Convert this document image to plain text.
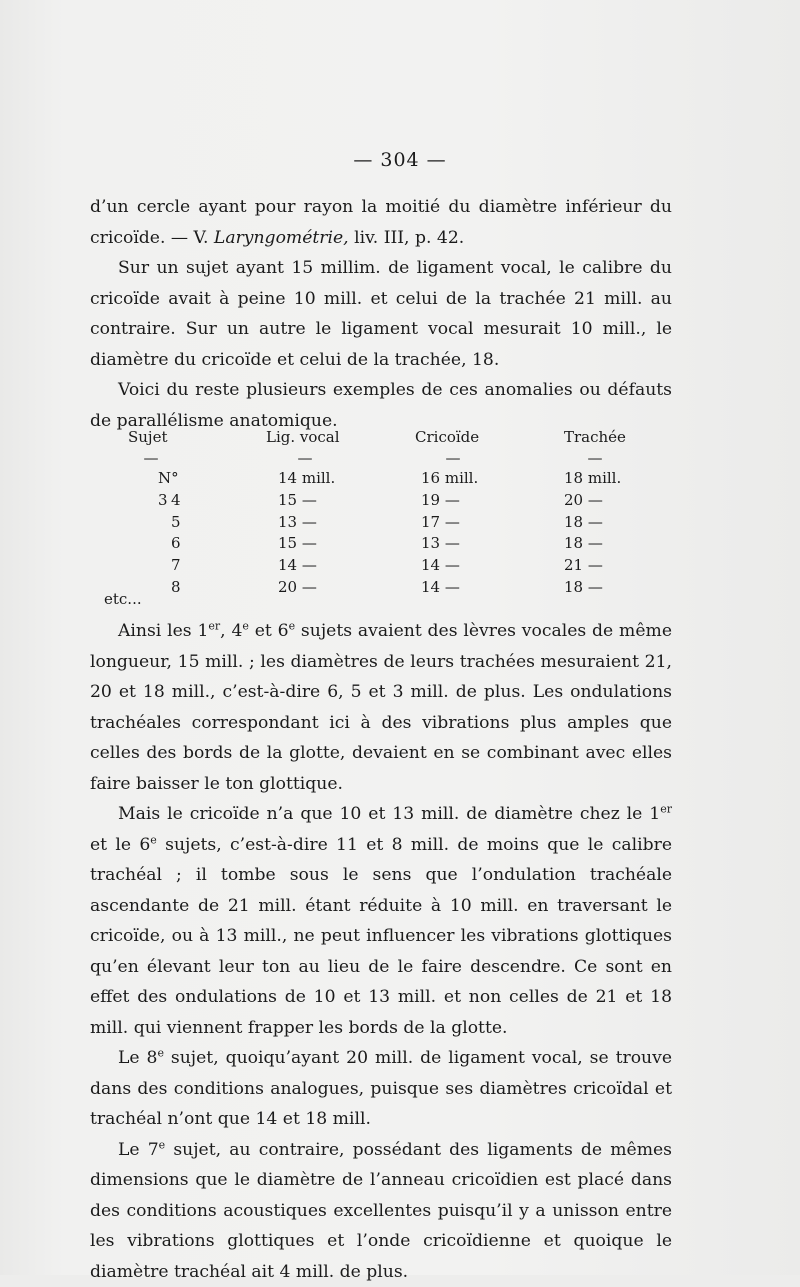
— 304 —

d’un cercle ayant pour rayon la moitié du diamètre inférieur du cricoïde. — V. Laryngométrie, liv. III, p. 42.

Sur un sujet ayant 15 millim. de ligament vocal, le calibre du cricoïde avait à peine 10 mill. et celui de la trachée 21 mill. au contraire. Sur un autre le ligament vocal mesurait 10 mill., le diamètre du cricoïde et celui de la trachée, 18.

Voici du reste plusieurs exemples de ces anomalies ou défauts de parallélisme anatomique.

Sujet
—
N° 3 4
5
6
7
8
Lig. vocal
—
14 mill.
15 —
13 —
15 —
14 —
20 —
Cricoïde
—
16 mill.
19 —
17 —
13 —
14 —
14 —
Trachée
—
18 mill.
20 —
18 —
18 —
21 —
18 —
etc...

Ainsi les 1er, 4e et 6e sujets avaient des lèvres vocales de même longueur, 15 mill. ; les diamètres de leurs trachées mesuraient 21, 20 et 18 mill., c’est-à-dire 6, 5 et 3 mill. de plus. Les ondulations trachéales correspondant ici à des vibrations plus amples que celles des bords de la glotte, devaient en se combinant avec elles faire baisser le ton glottique.

Mais le cricoïde n’a que 10 et 13 mill. de diamètre chez le 1er et le 6e sujets, c’est-à-dire 11 et 8 mill. de moins que le calibre trachéal ; il tombe sous le sens que l’ondulation trachéale ascendante de 21 mill. étant réduite à 10 mill. en traversant le cricoïde, ou à 13 mill., ne peut influencer les vibrations glottiques qu’en élevant leur ton au lieu de le faire descendre. Ce sont en effet des ondulations de 10 et 13 mill. et non celles de 21 et 18 mill. qui viennent frapper les bords de la glotte.

Le 8e sujet, quoiqu’ayant 20 mill. de ligament vocal, se trouve dans des conditions analogues, puisque ses diamètres cricoïdal et trachéal n’ont que 14 et 18 mill.

Le 7e sujet, au contraire, possédant des ligaments de mêmes dimensions que le diamètre de l’anneau cricoïdien est placé dans des conditions acoustiques excellentes puisqu’il y a unisson entre les vibrations glottiques et l’onde cricoïdienne et quoique le diamètre trachéal ait 4 mill. de plus.
